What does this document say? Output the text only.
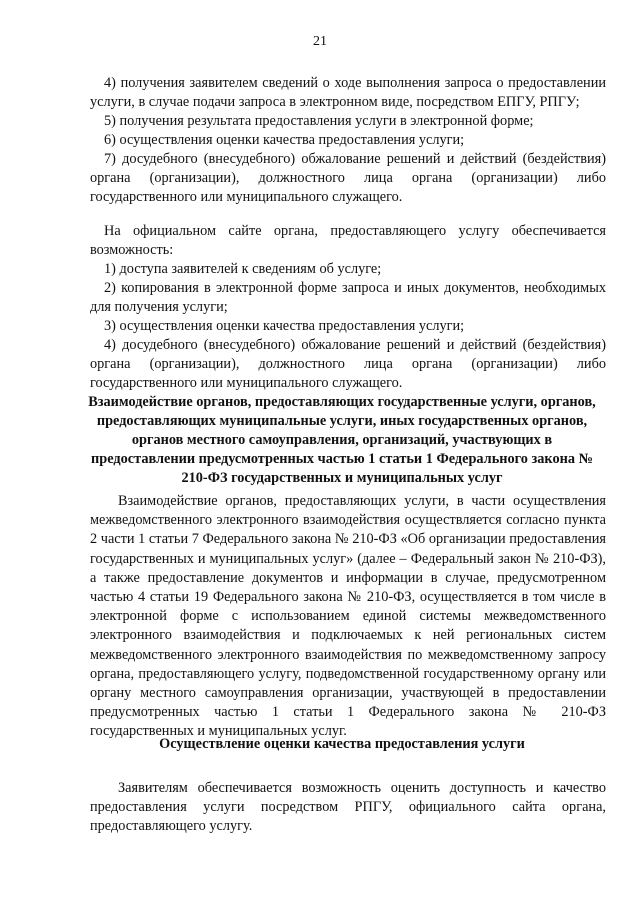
21

4) получения заявителем сведений о ходе выполнения запроса о предоставлении услуги, в случае подачи запроса в электронном виде, посредством ЕПГУ, РПГУ;

5) получения результата предоставления услуги в электронной форме;

6) осуществления оценки качества предоставления услуги;

7) досудебного (внесудебного) обжалование решений и действий (бездействия) органа (организации), должностного лица органа (организации) либо государственного или муниципального служащего.

На официальном сайте органа, предоставляющего услугу обеспечивается возможность:

1) доступа заявителей к сведениям об услуге;

2) копирования в электронной форме запроса и иных документов, необходимых для получения услуги;

3) осуществления оценки качества предоставления услуги;

4) досудебного (внесудебного) обжалование решений и действий (бездействия) органа (организации), должностного лица органа (организации) либо государственного или муниципального служащего.

Взаимодействие органов, предоставляющих государственные услуги, органов, предоставляющих муниципальные услуги, иных государственных органов, органов местного самоуправления, организаций, участвующих в предоставлении предусмотренных частью 1 статьи 1 Федерального закона № 210-ФЗ государственных и муниципальных услуг

Взаимодействие органов, предоставляющих услуги, в части осуществления межведомственного электронного взаимодействия осуществляется согласно пункта 2 части 1 статьи 7 Федерального закона № 210-ФЗ «Об организации предоставления государственных и муниципальных услуг» (далее – Федеральный закон № 210-ФЗ), а также предоставление документов и информации в случае, предусмотренном частью 4 статьи 19 Федерального закона № 210-ФЗ, осуществляется в том числе в электронной форме с использованием единой системы межведомственного электронного взаимодействия и подключаемых к ней региональных систем межведомственного электронного взаимодействия по межведомственному запросу органа, предоставляющего услугу, подведомственной государственному органу или органу местного самоуправления организации, участвующей в предоставлении предусмотренных частью 1 статьи 1 Федерального закона № 210-ФЗ государственных и муниципальных услуг.

Осуществление оценки качества предоставления услуги

Заявителям обеспечивается возможность оценить доступность и качество предоставления услуги посредством РПГУ, официального сайта органа, предоставляющего услугу.
